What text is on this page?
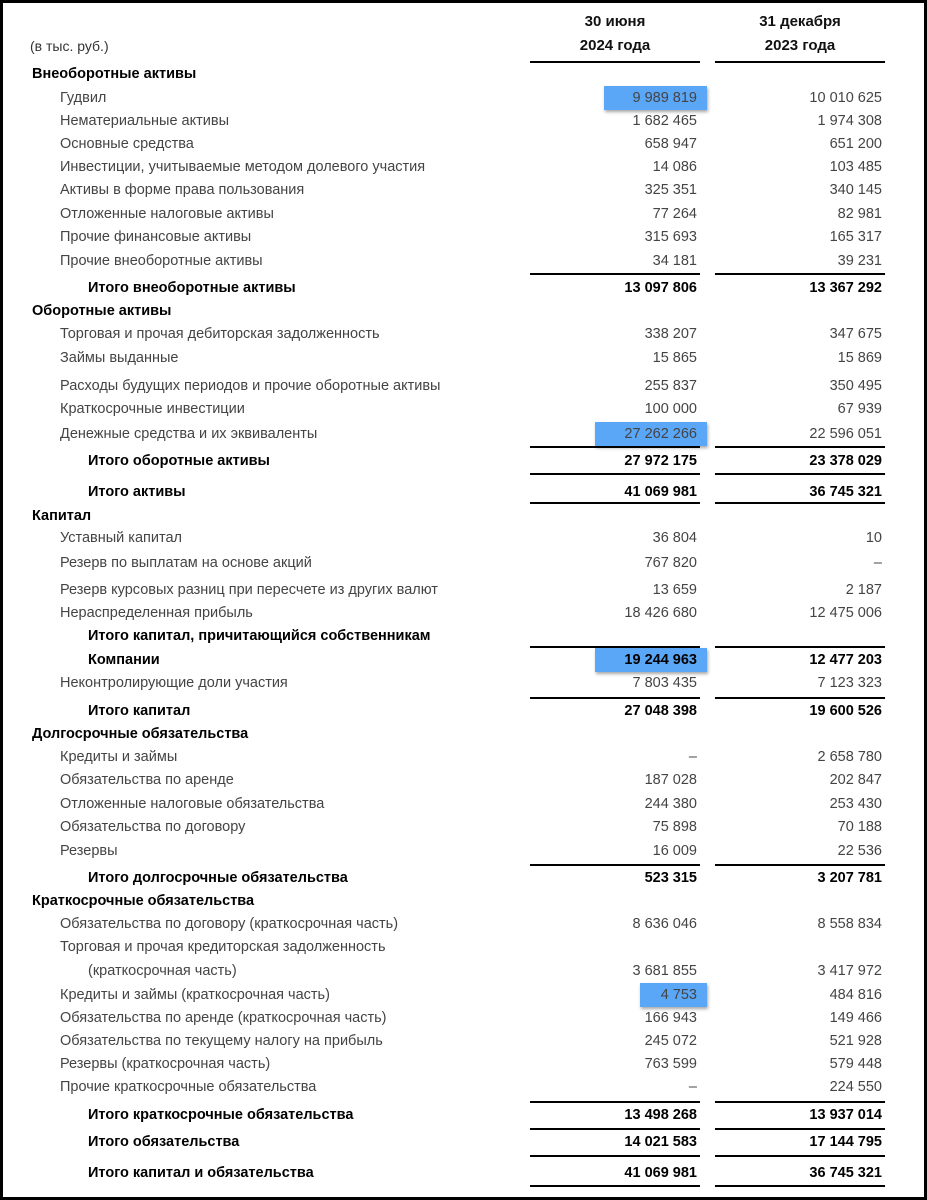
(в тыс. руб.)
30 июня
2024 года
31 декабря
2023 года
Внеоборотные активы
Гудвил	9 989 819	10 010 625
Нематериальные активы	1 682 465	1 974 308
Основные средства	658 947	651 200
Инвестиции, учитываемые методом долевого участия	14 086	103 485
Активы в форме права пользования	325 351	340 145
Отложенные налоговые активы	77 264	82 981
Прочие финансовые активы	315 693	165 317
Прочие внеоборотные активы	34 181	39 231
Итого внеоборотные активы	13 097 806	13 367 292
Оборотные активы
Торговая и прочая дебиторская задолженность	338 207	347 675
Займы выданные	15 865	15 869
Расходы будущих периодов и прочие оборотные активы	255 837	350 495
Краткосрочные инвестиции	100 000	67 939
Денежные средства и их эквиваленты	27 262 266	22 596 051
Итого оборотные активы	27 972 175	23 378 029
Итого активы	41 069 981	36 745 321
Капитал
Уставный капитал	36 804	10
Резерв по выплатам на основе акций	767 820	–
Резерв курсовых разниц при пересчете из других валют	13 659	2 187
Нераспределенная прибыль	18 426 680	12 475 006
Итого капитал, причитающийся собственникам
Компании	19 244 963	12 477 203
Неконтролирующие доли участия	7 803 435	7 123 323
Итого капитал	27 048 398	19 600 526
Долгосрочные обязательства
Кредиты и займы	–	2 658 780
Обязательства по аренде	187 028	202 847
Отложенные налоговые обязательства	244 380	253 430
Обязательства по договору	75 898	70 188
Резервы	16 009	22 536
Итого долгосрочные обязательства	523 315	3 207 781
Краткосрочные обязательства
Обязательства по договору (краткосрочная часть)	8 636 046	8 558 834
Торговая и прочая кредиторская задолженность
(краткосрочная часть)	3 681 855	3 417 972
Кредиты и займы (краткосрочная часть)	4 753	484 816
Обязательства по аренде (краткосрочная часть)	166 943	149 466
Обязательства по текущему налогу на прибыль	245 072	521 928
Резервы (краткосрочная часть)	763 599	579 448
Прочие краткосрочные обязательства	–	224 550
Итого краткосрочные обязательства	13 498 268	13 937 014
Итого обязательства	14 021 583	17 144 795
Итого капитал и обязательства	41 069 981	36 745 321
